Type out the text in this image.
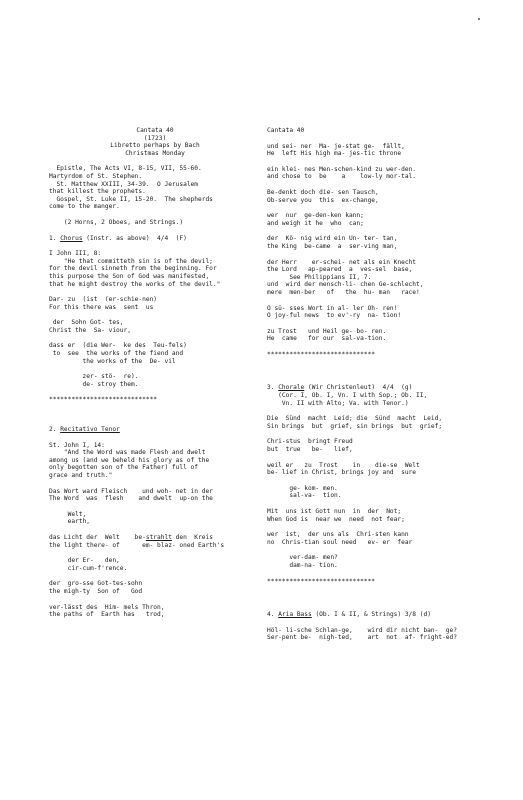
Cantata 40
(1723)
Libretto perhaps by Bach
Christmas Monday
Epistle, The Acts VI, 8-15, VII, 55-60.
Martyrdom of St. Stephen.
St. Matthew XXIII, 34-39.  O Jerusalem
that killest the prophets.
Gospel, St. Luke II, 15-20.  The shepherds
come to the manger.
(2 Horns, 2 Oboes, and Strings.)
1. Chorus (Instr. as above)  4/4  (F)
I John III, 8:
"He that committeth sin is of the devil;
for the devil sinneth from the beginning. For
this purpose the Son of God was manifested,
that he might destroy the works of the devil."
Dar- zu  (ist  (er-schie-nen)
For this there was  sent  us
der  Sohn Got- tes,
Christ the  Sa- viour,
dass er  (die Wer-  ke des  Teu-fels)
to  see  the works of the fiend and
the works of the  De- vil
zer- stö-  re).
de- stroy them.
*****************************
2. Recitativo Tenor
St. John I, 14:
"And the Word was made Flesh and dwelt
among us (and we beheld his glory as of the
only begotten son of the Father) full of
grace and truth."
Das Wort ward Fleisch    und woh- net in der
The Word  was  flesh    and dwelt  up-on the
Welt,
earth,
das Licht der  Welt    be-strahlt den  Kreis
the light there- of      em- blaz- oned Earth's
der Er-   den,
cir-cum-f'rence.
der  gro-sse Got-tes-sohn
the migh-ty  Son of   God
ver-lässt des  Him- mels Thron,
the paths of  Earth has   trod,
Cantata 40
und sei- ner  Ma- je-stat ge-  fällt,
He  left His high ma- jes-tic throne
ein klei- nes Men-schen-kind zu wer-den.
and chose to  be    a    low-ly mor-tal.
Be-denkt doch die- sen Tausch,
Ob-serve you  this  ex-change,
wer  nur  ge-den-ken kann;
and weigh it he  who  can;
der  Kö- nig wird ein Un- ter- tan,
the King  be-came  a  ser-ving man,
der Herr    er-schei- net als ein Knecht
the Lord   ap-peared  a  ves-sel  base,
See Philippians II, 7.
und  wird der mensch-li- chen Ge-schlecht,
mere  men-ber   of   the  hu- man   race!
O sü- sses Wort in al- ler Oh- ren!
O joy-ful news  to ev'-ry  na- tion!
zu Trost   und Heil ge- bo- ren.
He  came   for our  sal-va-tion.
*****************************
3. Chorale (Wir Christenleut)  4/4  (g)
(Cor. I, Ob. I, Vn. I with Sop.; Ob. II,
Vn. II with Alto; Va. with Tenor.)
Die  Sünd  macht  Leid; die  Sünd  macht  Leid,
Sin brings  but  grief, sin brings  but  grief;
Chri-stus  bringt Freud
but  true   be-   lief,
weil er   zu  Trost    in    die-se  Welt
be- lief in Christ, brings joy and  sure
ge- kom- men.
sal-va-  tion.
Mit  uns ist Gott nun  in  der  Not;
When God is  near we  need  not fear;
wer  ist,  der uns als  Chri-sten kann
no  Chris-tian soul need   ev- er  fear
ver-dam- men?
dam-na- tion.
*****************************
4. Aria Bass (Ob. I & II, & Strings) 3/8 (d)
Höl- li-sche Schlan-ge,    wird dir nicht ban-  ge?
Ser-pent be-  nigh-ted,    art  not  af- fright-ed?
